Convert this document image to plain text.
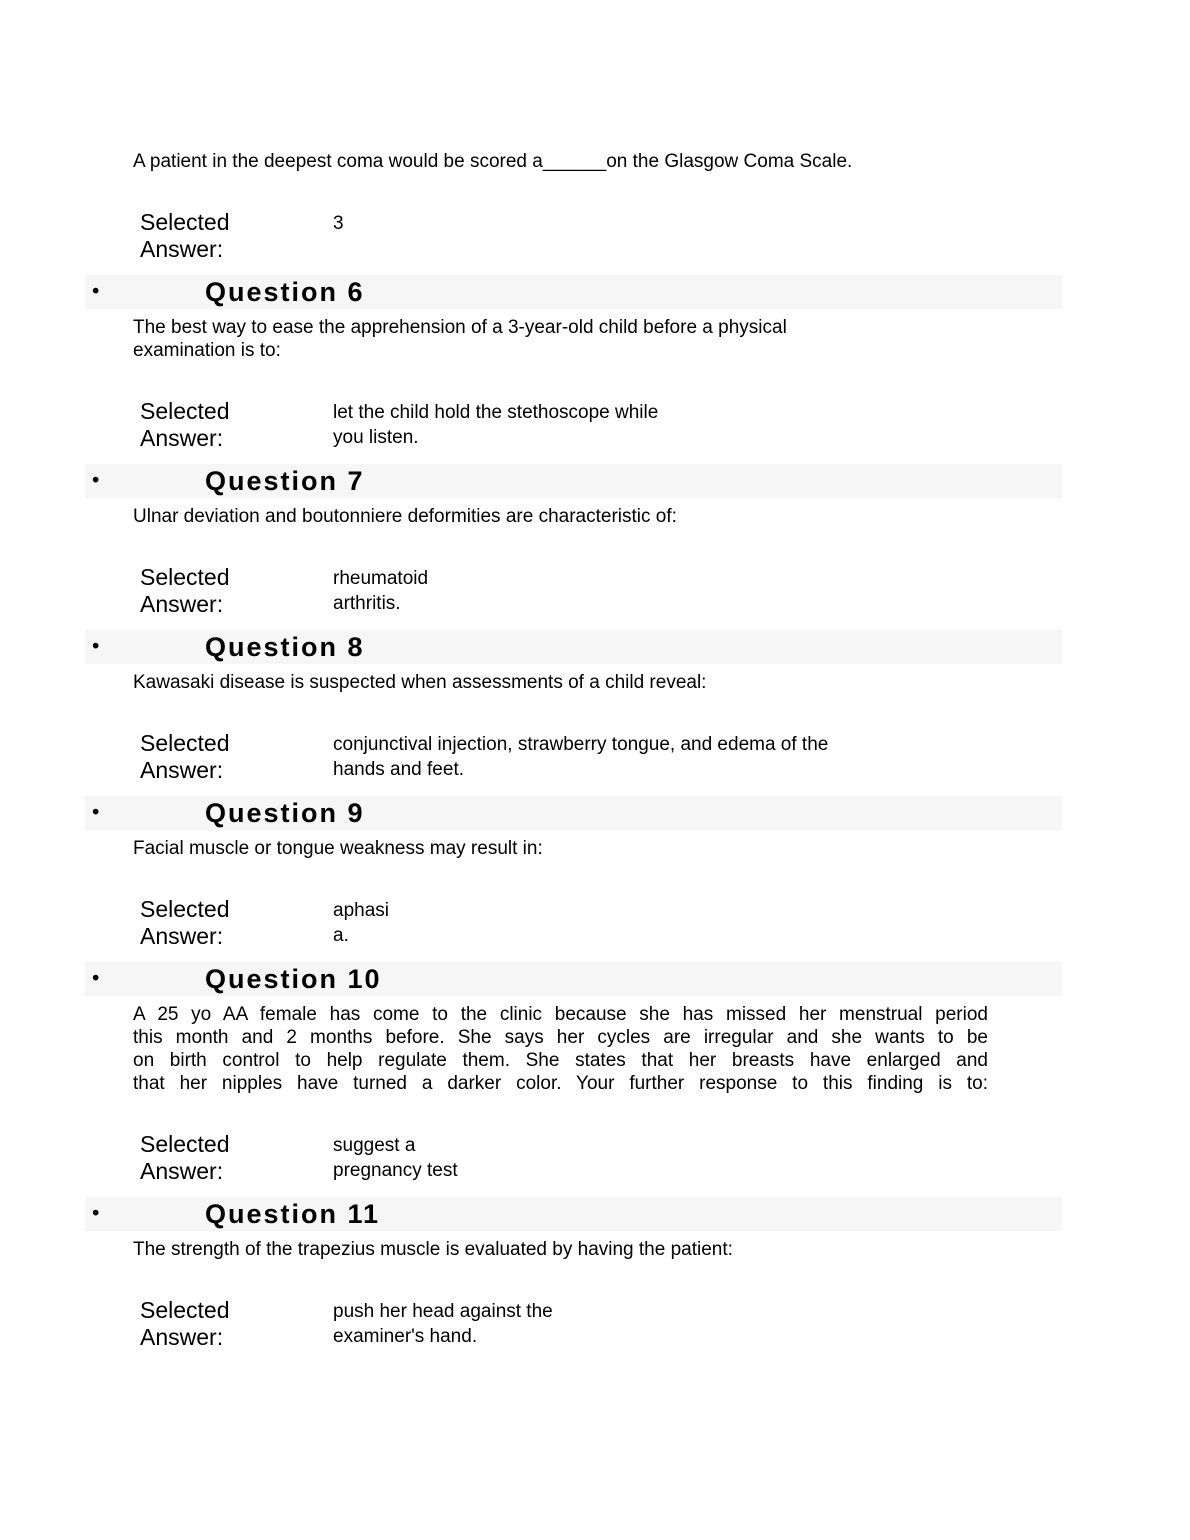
A patient in the deepest coma would be scored a______on the Glasgow Coma Scale.
Selected
Answer:
3
•	Question 6
The best way to ease the apprehension of a 3-year-old child before a physical
examination is to:
Selected
Answer:
let the child hold the stethoscope while
you listen.
•	Question 7
Ulnar deviation and boutonniere deformities are characteristic of:
Selected
Answer:
rheumatoid
arthritis.
•	Question 8
Kawasaki disease is suspected when assessments of a child reveal:
Selected
Answer:
conjunctival injection, strawberry tongue, and edema of the
hands and feet.
•	Question 9
Facial muscle or tongue weakness may result in:
Selected
Answer:
aphasi
a.
•	Question 10
A 25 yo AA female has come to the clinic because she has missed her menstrual period
this month and 2 months before. She says her cycles are irregular and she wants to be
on birth control to help regulate them. She states that her breasts have enlarged and
that her nipples have turned a darker color. Your further response to this finding is to:
Selected
Answer:
suggest a
pregnancy test
•	Question 11
The strength of the trapezius muscle is evaluated by having the patient:
Selected
Answer:
push her head against the
examiner's hand.
